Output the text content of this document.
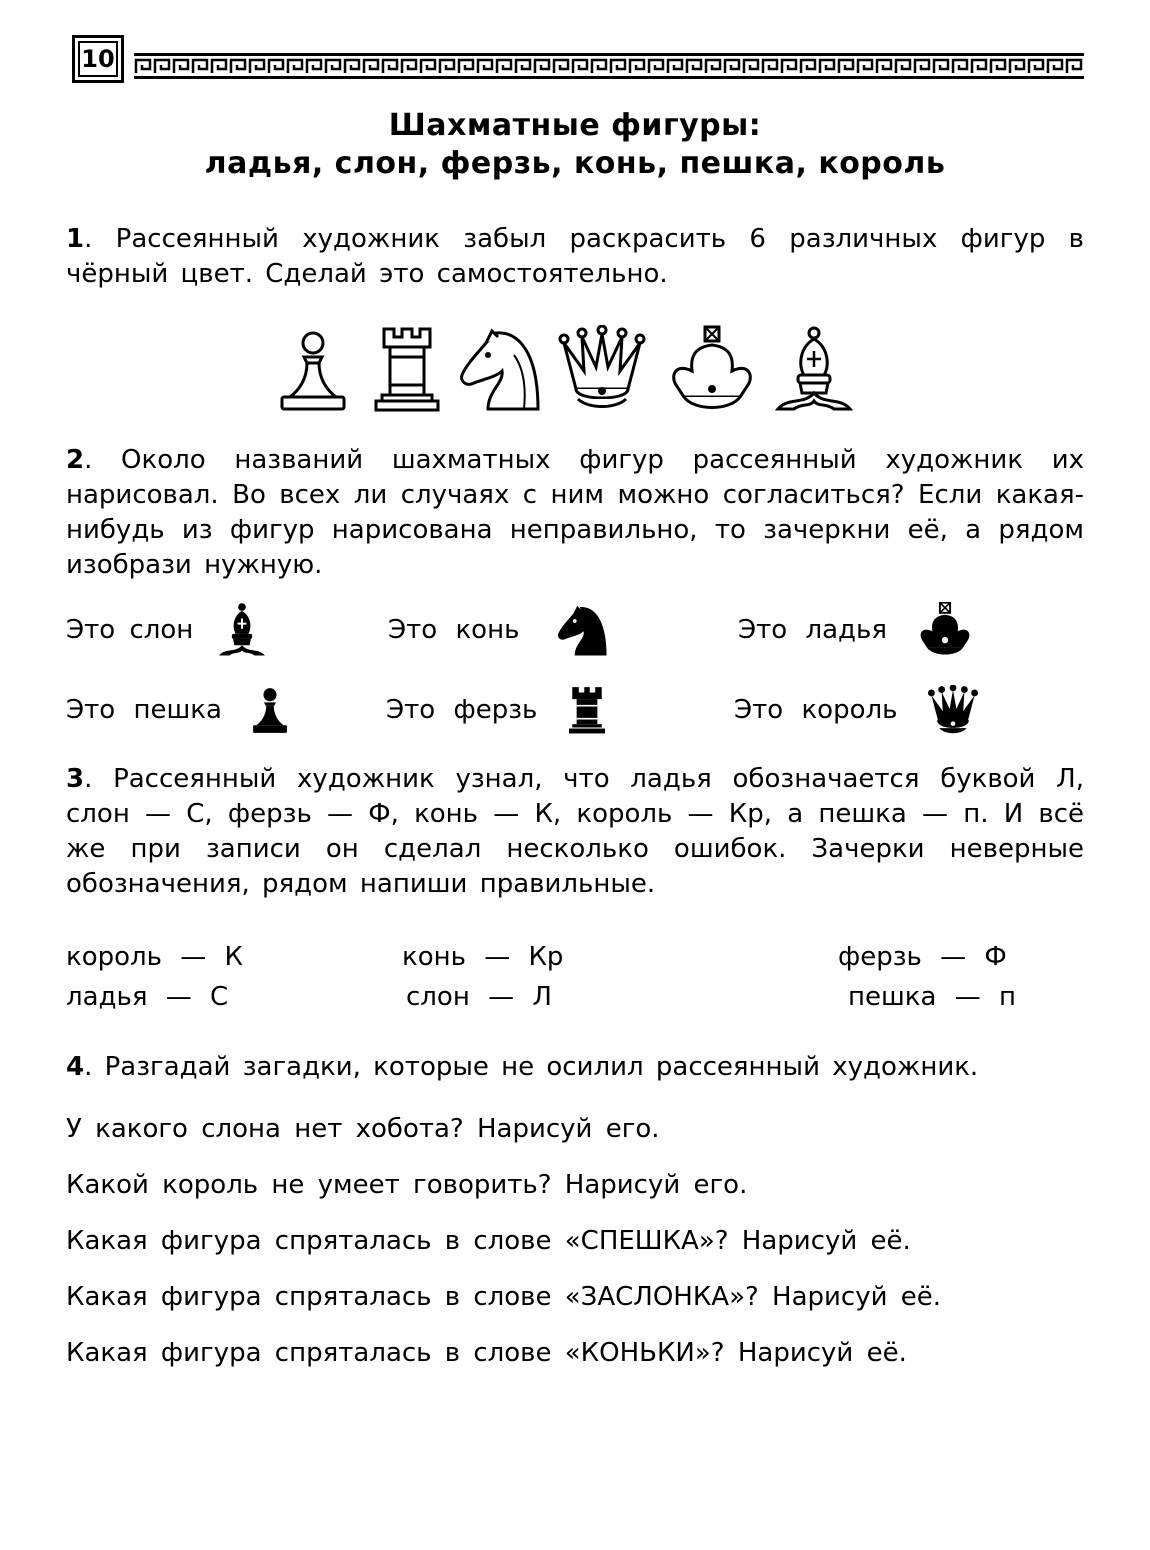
10
Шахматные фигуры:
ладья, слон, ферзь, конь, пешка, король
1. Рассеянный художник забыл раскрасить 6 различных фигур в чёрный цвет. Сделай это самостоятельно.
2. Около названий шахматных фигур рассеянный художник их нарисовал. Во всех ли случаях с ним можно согласиться? Если какая-нибудь из фигур нарисована неправильно, то зачеркни её, а рядом изобрази нужную.
Это слон	Это конь	Это ладья
Это пешка	Это ферзь	Это король
3. Рассеянный художник узнал, что ладья обозначается буквой Л, слон — С, ферзь — Ф, конь — К, король — Кр, а пешка — п. И всё же при записи он сделал несколько ошибок. Зачерки неверные обозначения, рядом напиши правильные.
король — К	конь — Кр	ферзь — Ф
ладья — С	слон — Л	пешка — п
4. Разгадай загадки, которые не осилил рассеянный художник.
У какого слона нет хобота? Нарисуй его.
Какой король не умеет говорить? Нарисуй его.
Какая фигура спряталась в слове «СПЕШКА»? Нарисуй её.
Какая фигура спряталась в слове «ЗАСЛОНКА»? Нарисуй её.
Какая фигура спряталась в слове «КОНЬКИ»? Нарисуй её.
